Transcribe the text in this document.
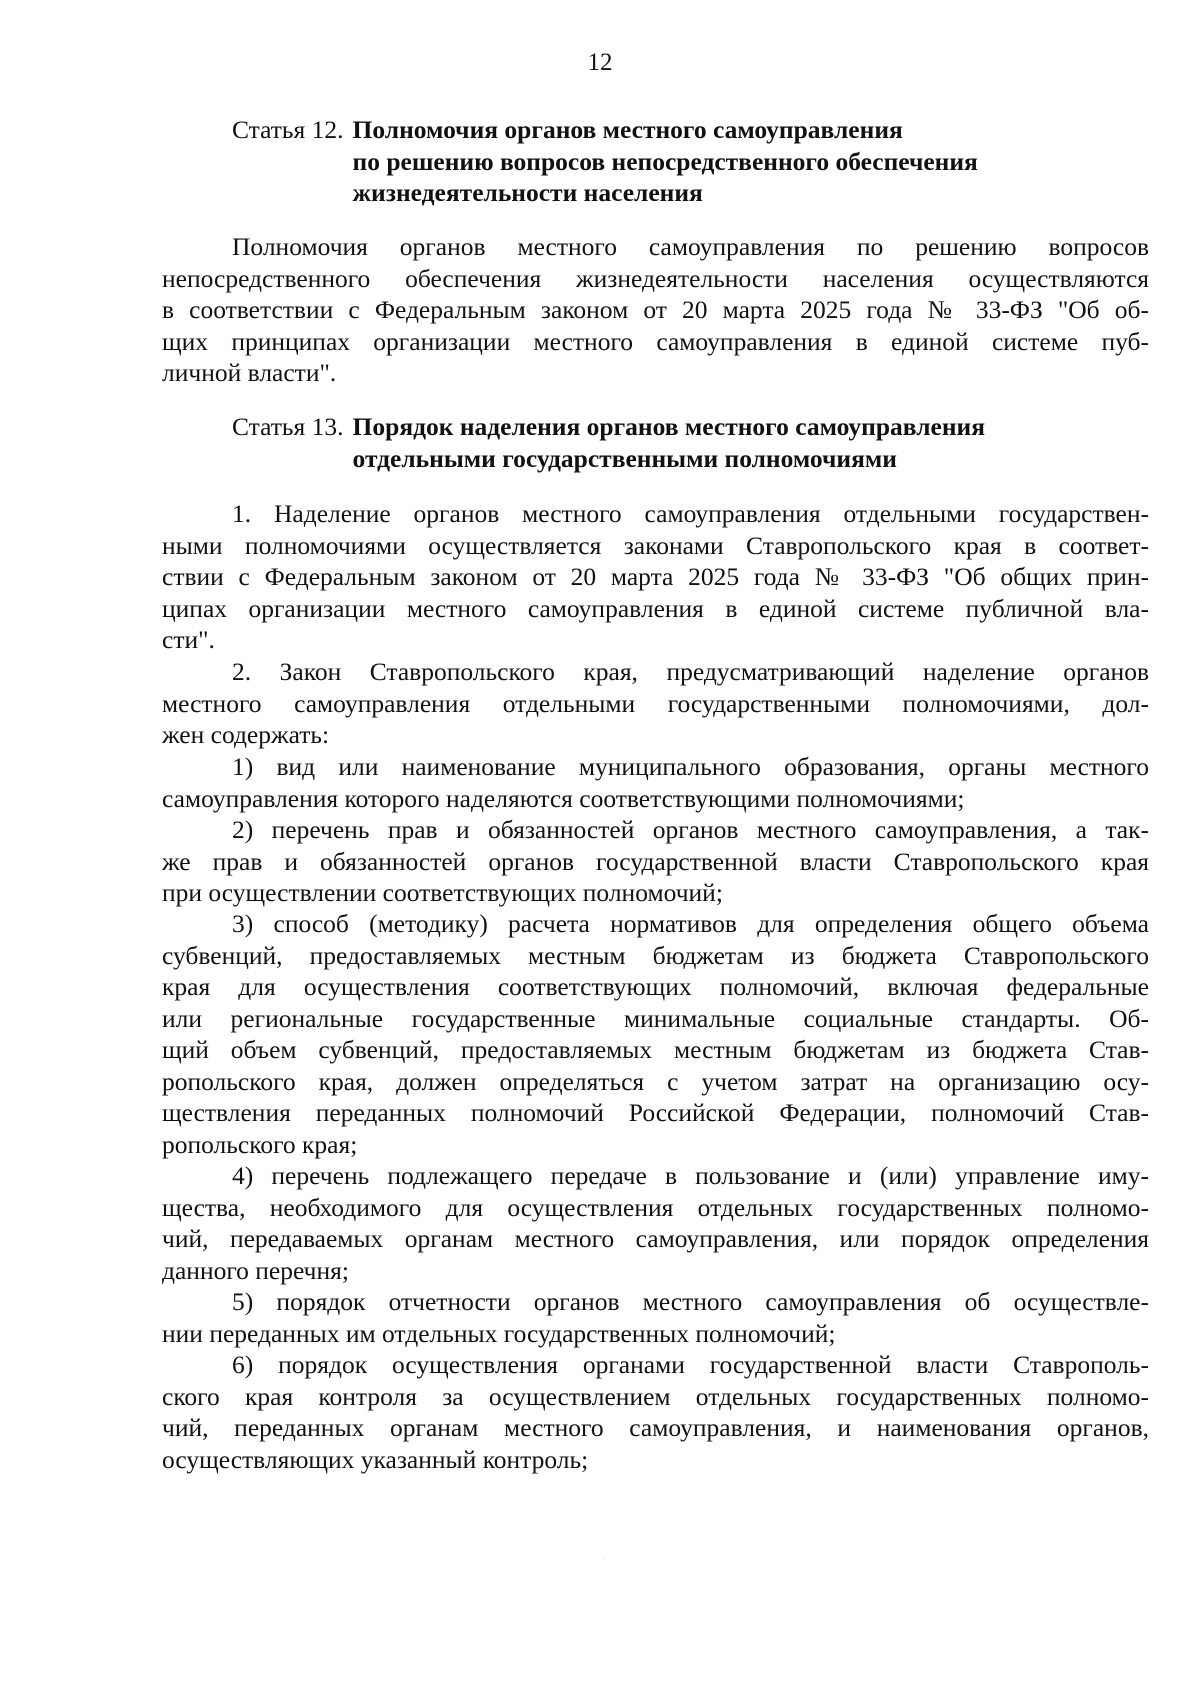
12
Статья 12. Полномочия органов местного самоуправления
по решению вопросов непосредственного обеспечения
жизнедеятельности населения
Полномочия органов местного самоуправления по решению вопросов
непосредственного обеспечения жизнедеятельности населения осуществляются
в соответствии с Федеральным законом от 20 марта 2025 года № 33-ФЗ "Об об-
щих принципах организации местного самоуправления в единой системе пуб-
личной власти".
Статья 13. Порядок наделения органов местного самоуправления
отдельными государственными полномочиями
1. Наделение органов местного самоуправления отдельными государствен-
ными полномочиями осуществляется законами Ставропольского края в соответ-
ствии с Федеральным законом от 20 марта 2025 года № 33-ФЗ "Об общих прин-
ципах организации местного самоуправления в единой системе публичной вла-
сти".
2. Закон Ставропольского края, предусматривающий наделение органов
местного самоуправления отдельными государственными полномочиями, дол-
жен содержать:
1) вид или наименование муниципального образования, органы местного
самоуправления которого наделяются соответствующими полномочиями;
2) перечень прав и обязанностей органов местного самоуправления, а так-
же прав и обязанностей органов государственной власти Ставропольского края
при осуществлении соответствующих полномочий;
3) способ (методику) расчета нормативов для определения общего объема
субвенций, предоставляемых местным бюджетам из бюджета Ставропольского
края для осуществления соответствующих полномочий, включая федеральные
или региональные государственные минимальные социальные стандарты. Об-
щий объем субвенций, предоставляемых местным бюджетам из бюджета Став-
ропольского края, должен определяться с учетом затрат на организацию осу-
ществления переданных полномочий Российской Федерации, полномочий Став-
ропольского края;
4) перечень подлежащего передаче в пользование и (или) управление иму-
щества, необходимого для осуществления отдельных государственных полномо-
чий, передаваемых органам местного самоуправления, или порядок определения
данного перечня;
5) порядок отчетности органов местного самоуправления об осуществле-
нии переданных им отдельных государственных полномочий;
6) порядок осуществления органами государственной власти Ставрополь-
ского края контроля за осуществлением отдельных государственных полномо-
чий, переданных органам местного самоуправления, и наименования органов,
осуществляющих указанный контроль;
